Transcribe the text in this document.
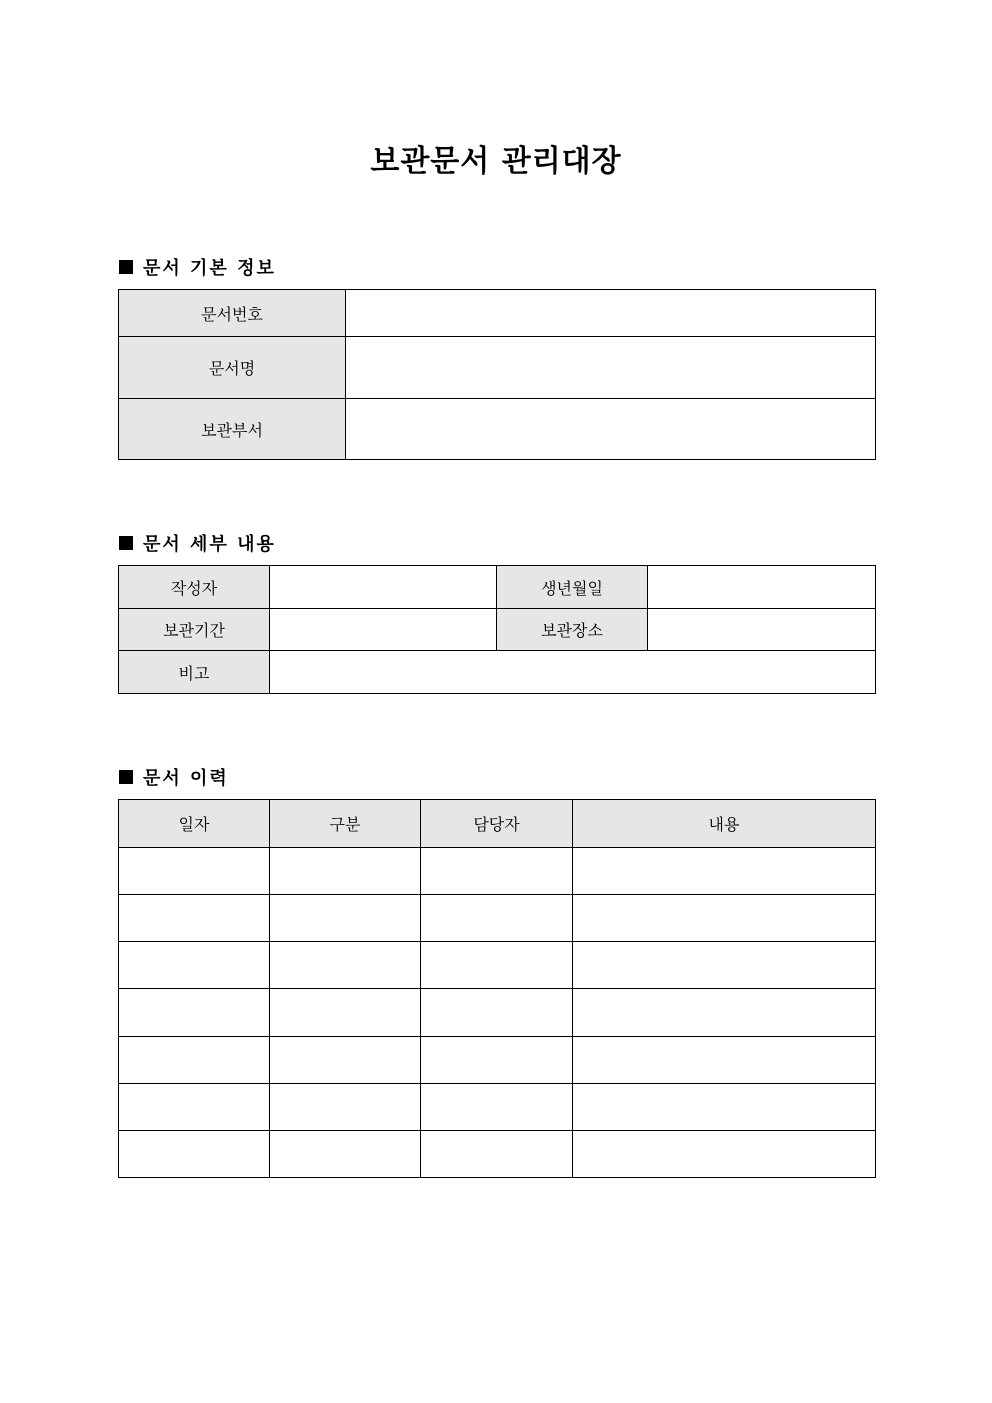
보관문서 관리대장
문서 기본 정보
문서번호	
문서명	
보관부서	
문서 세부 내용
작성자		생년월일	
보관기간		보관장소	
비고			
문서 이력
일자	구분	담당자	내용
